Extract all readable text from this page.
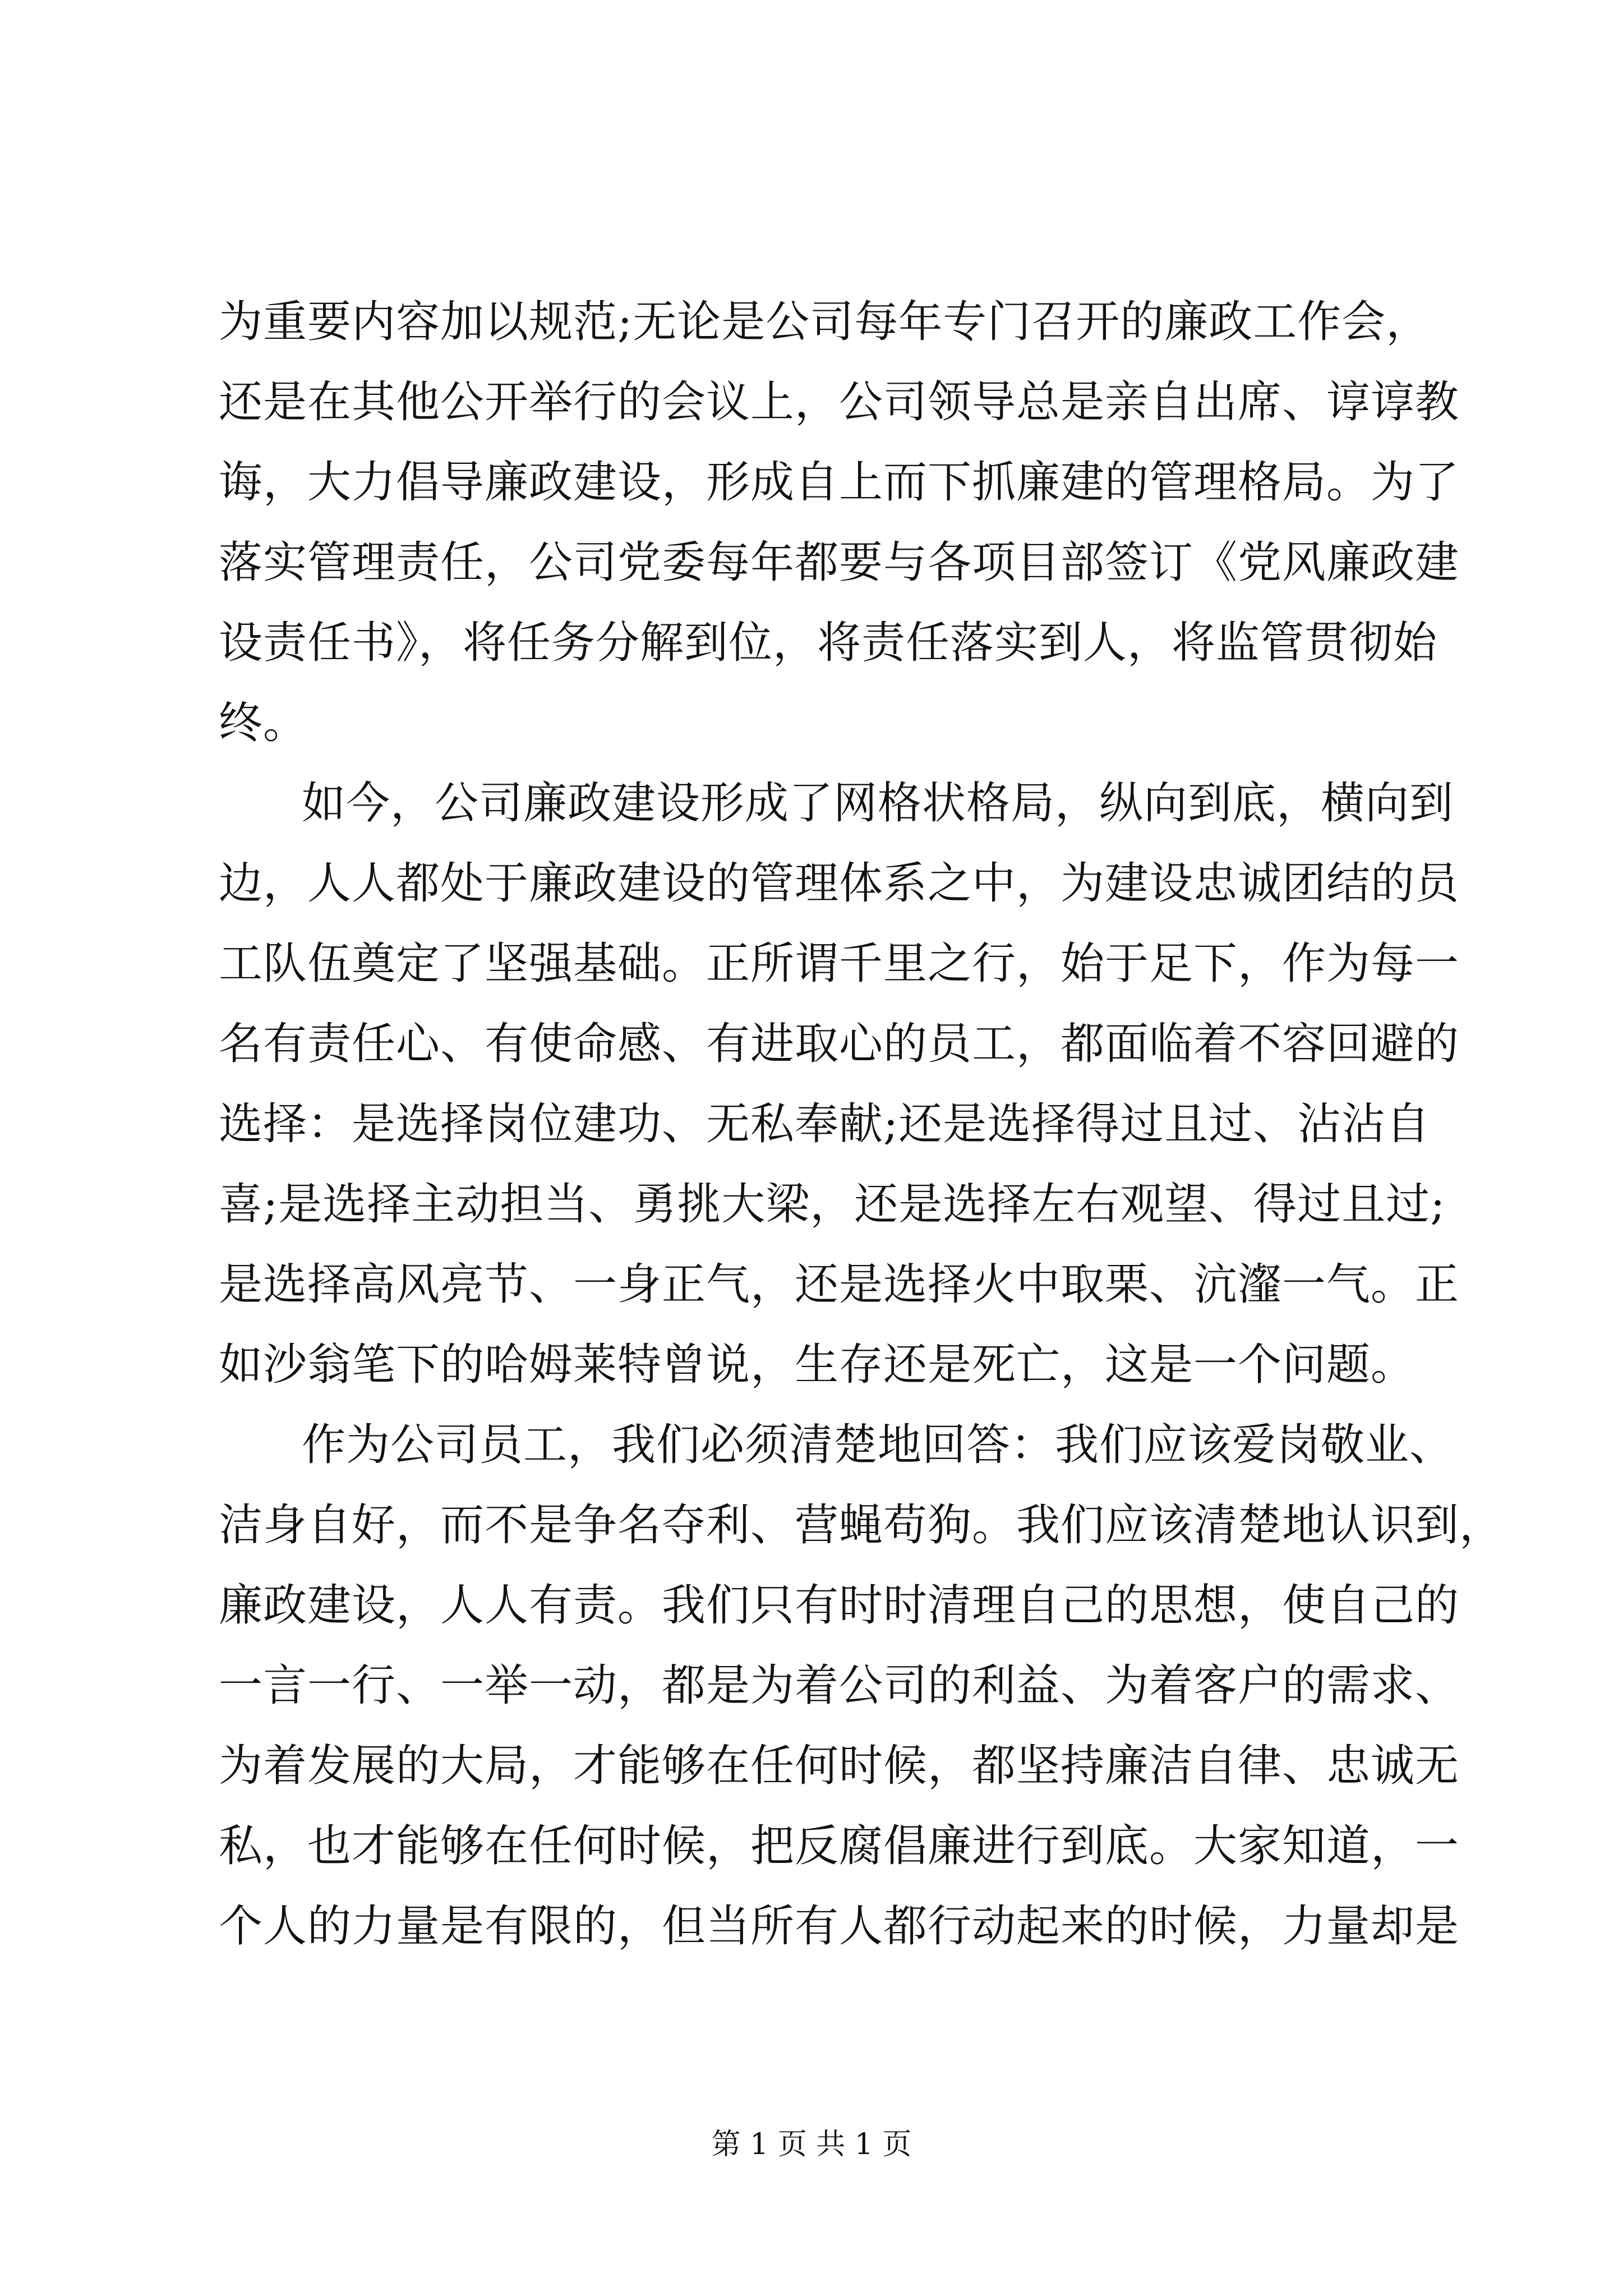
为重要内容加以规范;无论是公司每年专门召开的廉政工作会，
还是在其他公开举行的会议上，公司领导总是亲自出席、谆谆教
诲，大力倡导廉政建设，形成自上而下抓廉建的管理格局。为了
落实管理责任，公司党委每年都要与各项目部签订《党风廉政建
设责任书》，将任务分解到位，将责任落实到人，将监管贯彻始
终。
如今，公司廉政建设形成了网格状格局，纵向到底，横向到
边，人人都处于廉政建设的管理体系之中，为建设忠诚团结的员
工队伍奠定了坚强基础。正所谓千里之行，始于足下，作为每一
名有责任心、有使命感、有进取心的员工，都面临着不容回避的
选择：是选择岗位建功、无私奉献;还是选择得过且过、沾沾自
喜;是选择主动担当、勇挑大梁，还是选择左右观望、得过且过;
是选择高风亮节、一身正气，还是选择火中取栗、沆瀣一气。正
如沙翁笔下的哈姆莱特曾说，生存还是死亡，这是一个问题。
作为公司员工，我们必须清楚地回答：我们应该爱岗敬业、
洁身自好，而不是争名夺利、营蝇苟狗。我们应该清楚地认识到，
廉政建设，人人有责。我们只有时时清理自己的思想，使自己的
一言一行、一举一动，都是为着公司的利益、为着客户的需求、
为着发展的大局，才能够在任何时候，都坚持廉洁自律、忠诚无
私，也才能够在任何时候，把反腐倡廉进行到底。大家知道，一
个人的力量是有限的，但当所有人都行动起来的时候，力量却是
第 1 页 共 1 页
